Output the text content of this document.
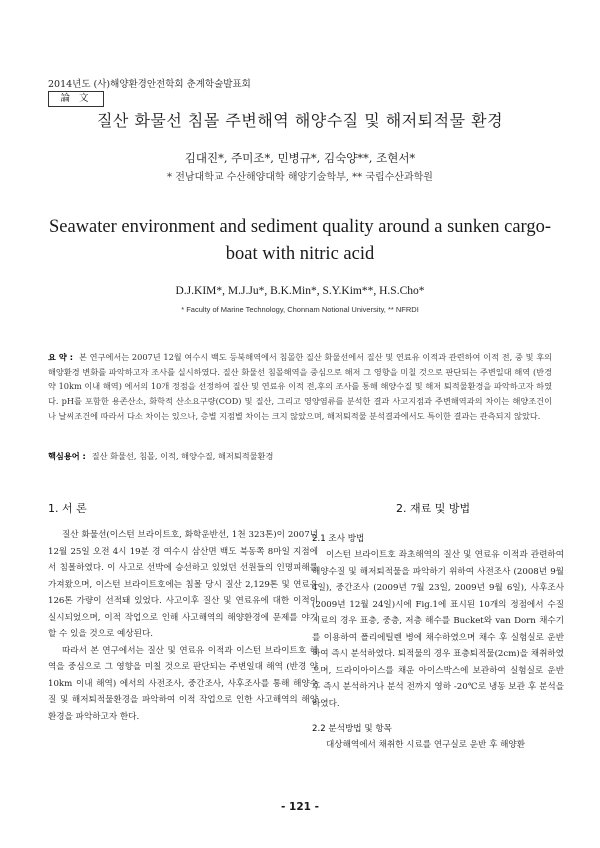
2014년도 (사)해양환경안전학회 춘계학술발표회
論 文
질산 화물선 침몰 주변해역 해양수질 및 해저퇴적물 환경
김대진*, 주미조*, 민병규*, 김숙양**, 조현서*
* 전남대학교 수산해양대학 해양기술학부, ** 국립수산과학원
Seawater environment and sediment quality around a sunken cargo-boat with nitric acid
D.J.KIM*, M.J.Ju*, B.K.Min*, S.Y.Kim**, H.S.Cho*
* Faculty of Marine Technology, Chonnam Notional University, ** NFRDI
요 약 : 본 연구에서는 2007년 12월 여수시 백도 등북해역에서 침몰한 질산 화물선에서 질산 및 연료유 이적과 관련하여 이적 전, 중 및 후의 해양환경 변화를 파악하고자 조사를 실시하였다. 질산 화물선 침몰해역을 중심으로 해저 그 영향을 미칠 것으로 판단되는 주변일대 해역 (반경 약 10km 이내 해역) 에서의 10개 정점을 선정하여 질산 및 연료유 이적 전,후의 조사를 통해 해양수질 및 해저 퇴적물환경을 파악하고자 하였다. pH를 포함한 용존산소, 화학적 산소요구량(COD) 및 질산, 그리고 영양염류를 분석한 결과 사고지점과 주변해역과의 차이는 해양조건이나 날씨조건에 따라서 다소 차이는 있으나, 층별 지점별 차이는 크지 않았으며, 해저퇴적물 분석결과에서도 특이한 결과는 관측되지 않았다.
핵심용어 : 질산 화물선, 침몰, 이적, 해양수질, 해저퇴적물환경
1. 서 론	2. 재료 및 방법

질산 화물선(이스턴 브라이트호, 화학운반선, 1천 323톤)이 2007년 12월 25일 오전 4시 19분 경 여수시 삼산면 백도 북동쪽 8마일 지점에서 침몰하였다. 이 사고로 선박에 승선하고 있었던 선원들의 인명피해를 가져왔으며, 이스턴 브라이트호에는 침몰 당시 질산 2,129톤 및 연료유 126톤 가량이 선적돼 있었다. 사고이후 질산 및 연료유에 대한 이적이 실시되었으며, 이적 작업으로 인해 사고해역의 해양환경에 문제를 야기할 수 있을 것으로 예상된다.

따라서 본 연구에서는 질산 및 연료유 이적과 이스턴 브라이트호 해역을 중심으로 그 영향을 미칠 것으로 판단되는 주변일대 해역 (반경 약 10km 이내 해역) 에서의 사전조사, 중간조사, 사후조사를 통해 해양수질 및 해저퇴적물환경을 파악하여 이적 작업으로 인한 사고해역의 해양환경을 파악하고자 한다.

2.1 조사 방법

이스턴 브라이트호 좌초해역의 질산 및 연료유 이적과 관련하여 해양수질 및 해저퇴적물을 파악하기 위하여 사전조사 (2008년 9월 4일), 중간조사 (2009년 7월 23일, 2009년 9월 6일), 사후조사 (2009년 12월 24일)시에 Fig.1에 표시된 10개의 정점에서 수질시료의 경우 표층, 중층, 저층 해수를 Bucket와 van Dorn 채수기를 이용하여 폴리에틸렌 병에 채수하였으며 채수 후 실험실로 운반하여 즉시 분석하였다. 퇴적물의 경우 표층퇴적물(2cm)을 채취하였으며, 드라이아이스를 채운 아이스박스에 보관하여 실험실로 운반 후 즉시 분석하거나 분석 전까지 영하 -20℃로 냉동 보관 후 분석을 하였다.

2.2 분석방법 및 항목

대상해역에서 채취한 시료를 연구실로 운반 후 해양환

- 121 -
